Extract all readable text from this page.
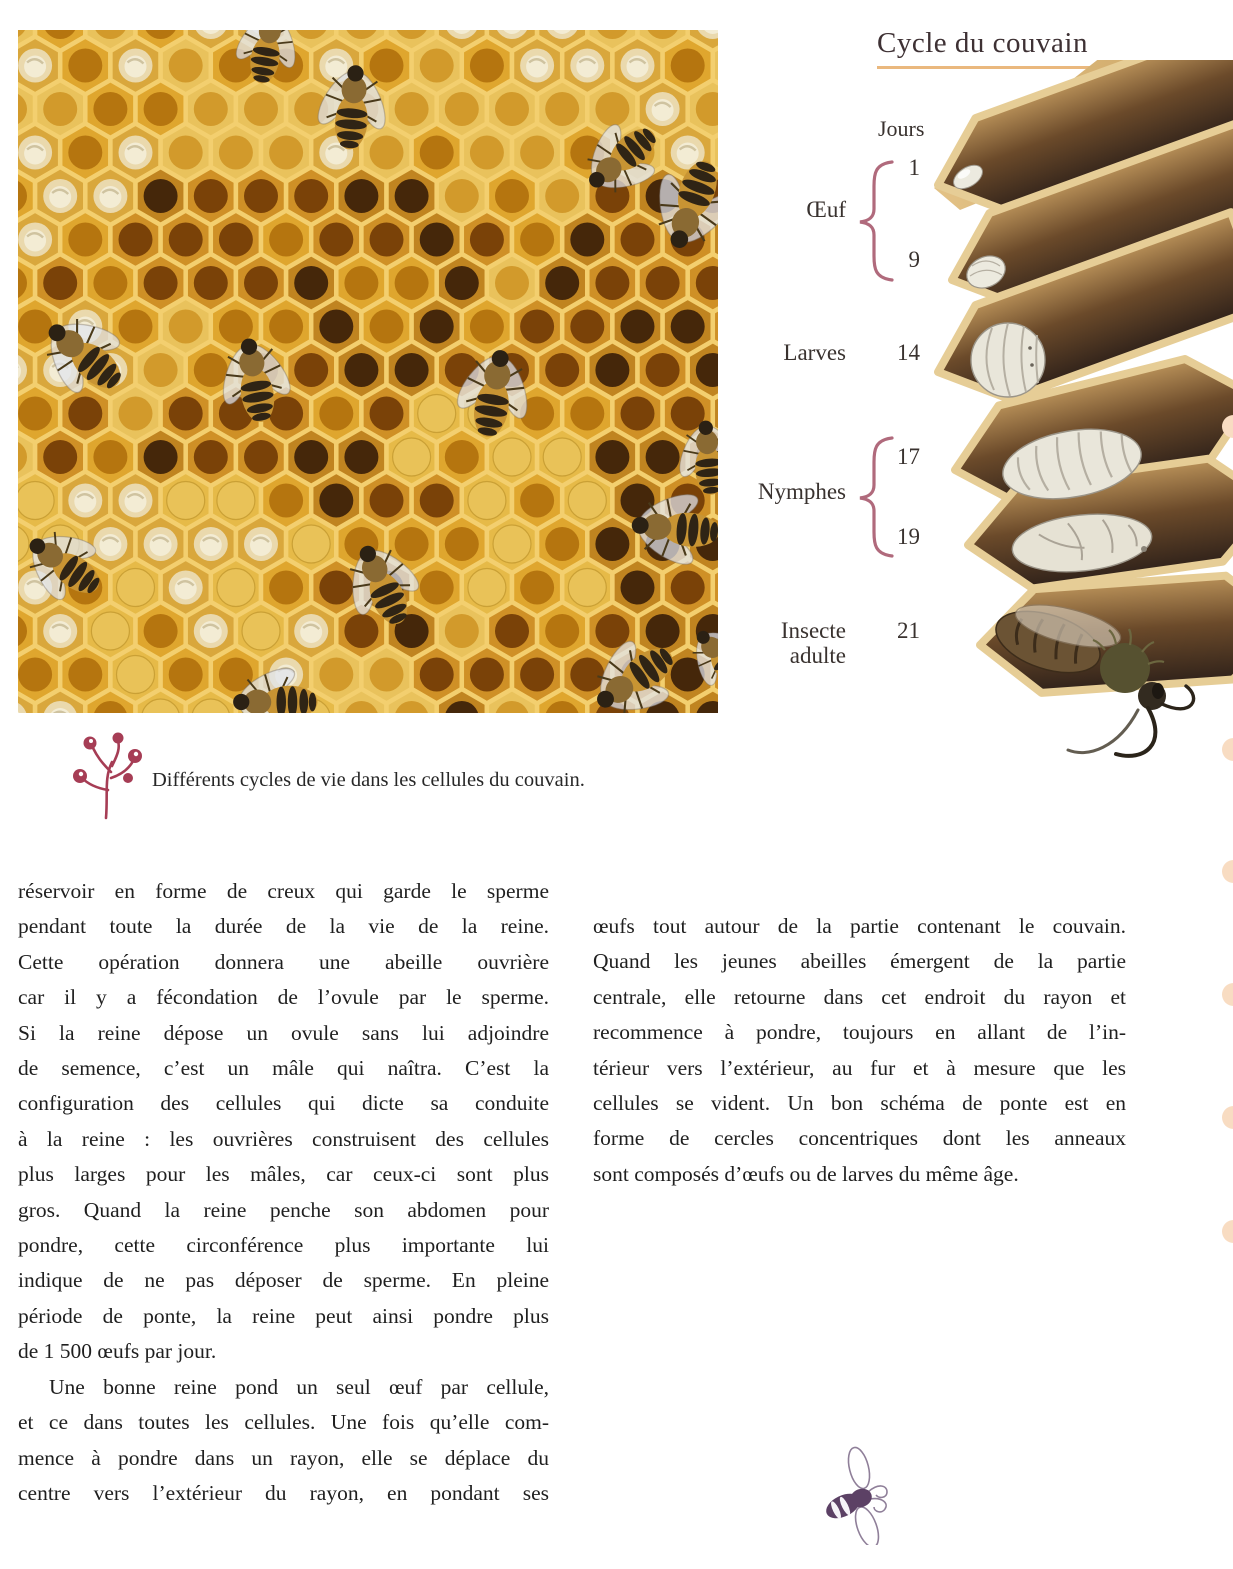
Cycle du couvain
Jours
Œuf
Larves
Nymphes
Insecte
adulte
1
9
14
17
19
21
Différents cycles de vie dans les cellules du couvain.
réservoir en forme de creux qui garde le sperme
pendant toute la durée de la vie de la reine.
Cette opération donnera une abeille ouvrière
car il y a fécondation de l’ovule par le sperme.
Si la reine dépose un ovule sans lui adjoindre
de semence, c’est un mâle qui naîtra. C’est la
configuration des cellules qui dicte sa conduite
à la reine : les ouvrières construisent des cellules
plus larges pour les mâles, car ceux-ci sont plus
gros. Quand la reine penche son abdomen pour
pondre, cette circonférence plus importante lui
indique de ne pas déposer de sperme. En pleine
période de ponte, la reine peut ainsi pondre plus
de 1 500 œufs par jour.
Une bonne reine pond un seul œuf par cellule,
et ce dans toutes les cellules. Une fois qu’elle com-
mence à pondre dans un rayon, elle se déplace du
centre vers l’extérieur du rayon, en pondant ses
œufs tout autour de la partie contenant le couvain.
Quand les jeunes abeilles émergent de la partie
centrale, elle retourne dans cet endroit du rayon et
recommence à pondre, toujours en allant de l’in-
térieur vers l’extérieur, au fur et à mesure que les
cellules se vident. Un bon schéma de ponte est en
forme de cercles concentriques dont les anneaux
sont composés d’œufs ou de larves du même âge.
